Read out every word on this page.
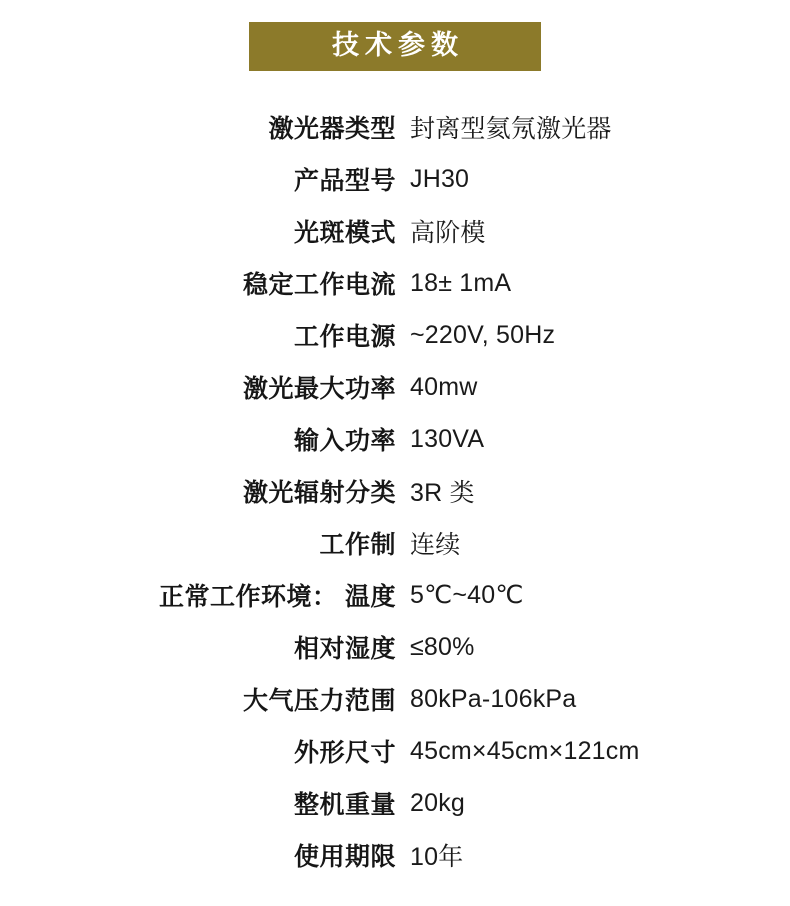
技术参数
激光器类型	封离型氦氖激光器
产品型号	JH30
光斑模式	高阶模
稳定工作电流	18± 1mA
工作电源	~220V, 50Hz
激光最大功率	40mw
输入功率	130VA
激光辐射分类	3R 类
工作制	连续
正常工作环境： 温度	5℃~40℃
相对湿度	≤80%
大气压力范围	80kPa-106kPa
外形尺寸	45cm×45cm×121cm
整机重量	20kg
使用期限	10年
